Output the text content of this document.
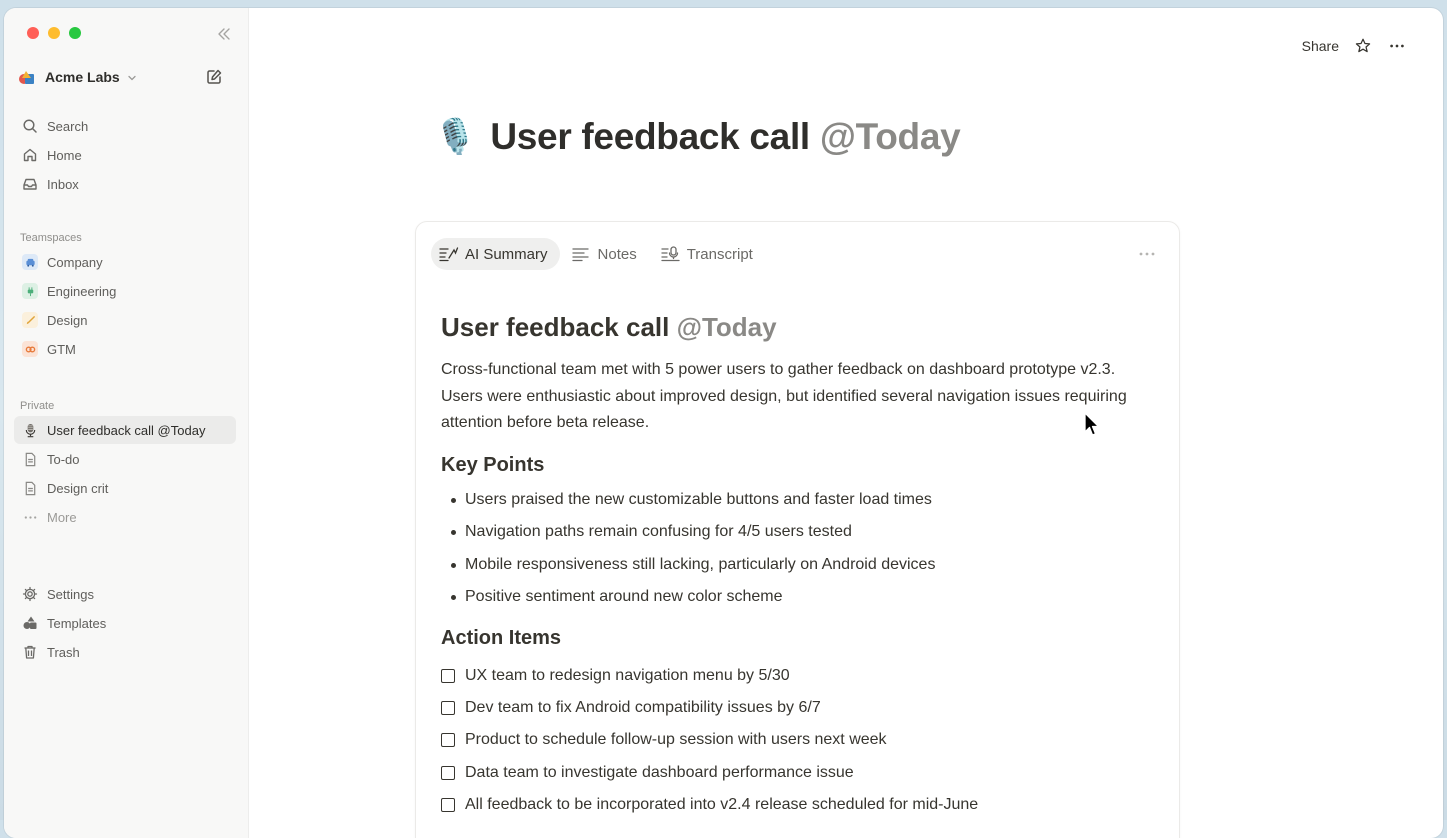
Acme Labs
Search
Home
Inbox
Teamspaces
Company
Engineering
Design
GTM
Private
User feedback call @Today
To-do
Design crit
More
Settings
Templates
Trash
Share
🎙️ User feedback call @Today
AI Summary	Notes	Transcript
User feedback call @Today

Cross-functional team met with 5 power users to gather feedback on dashboard prototype v2.3. Users were enthusiastic about improved design, but identified several navigation issues requiring attention before beta release.

Key Points
Users praised the new customizable buttons and faster load times
Navigation paths remain confusing for 4/5 users tested
Mobile responsiveness still lacking, particularly on Android devices
Positive sentiment around new color scheme
Action Items
UX team to redesign navigation menu by 5/30
Dev team to fix Android compatibility issues by 6/7
Product to schedule follow-up session with users next week
Data team to investigate dashboard performance issue
All feedback to be incorporated into v2.4 release scheduled for mid-June
